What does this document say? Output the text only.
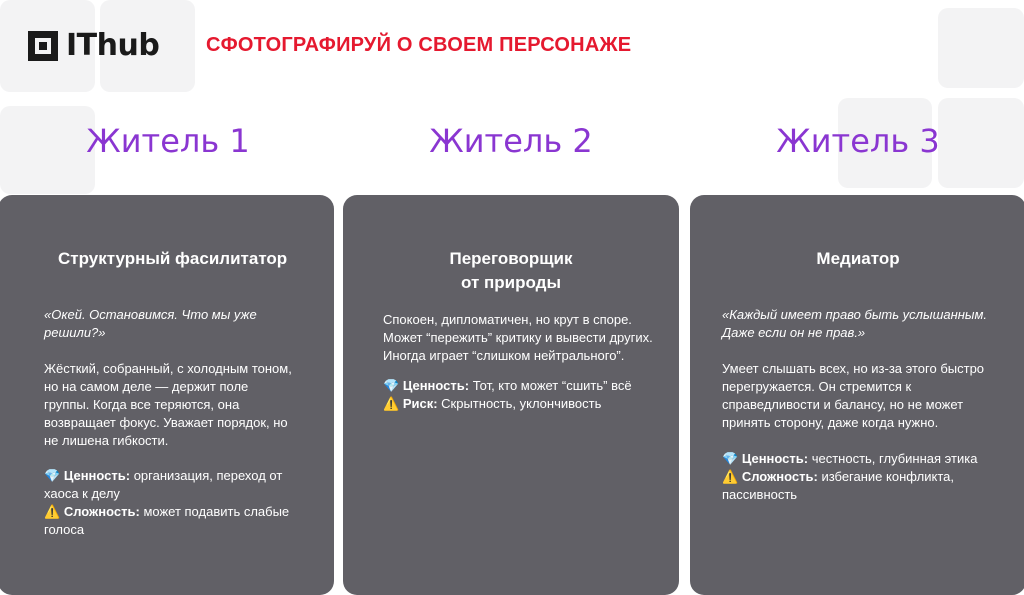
IThub СФОТОГРАФИРУЙ О СВОЕМ ПЕРСОНАЖЕ
Житель 1	Житель 2	Житель 3
Структурный фасилитатор
«Окей. Остановимся. Что мы уже
решили?»
Жёсткий, собранный, с холодным тоном,
но на самом деле — держит поле
группы. Когда все теряются, она
возвращает фокус. Уважает порядок, но
не лишена гибкости.
💎 Ценность: организация, переход от
хаоса к делу
⚠️ Сложность: может подавить слабые
голоса
Переговорщик
от природы
Спокоен, дипломатичен, но крут в споре.
Может “пережить” критику и вывести других.
Иногда играет “слишком нейтрального”.
💎 Ценность: Тот, кто может “сшить” всё
⚠️ Риск: Скрытность, уклончивость
Медиатор
«Каждый имеет право быть услышанным.
Даже если он не прав.»
Умеет слышать всех, но из-за этого быстро
перегружается. Он стремится к
справедливости и балансу, но не может
принять сторону, даже когда нужно.
💎 Ценность: честность, глубинная этика
⚠️ Сложность: избегание конфликта,
пассивность
